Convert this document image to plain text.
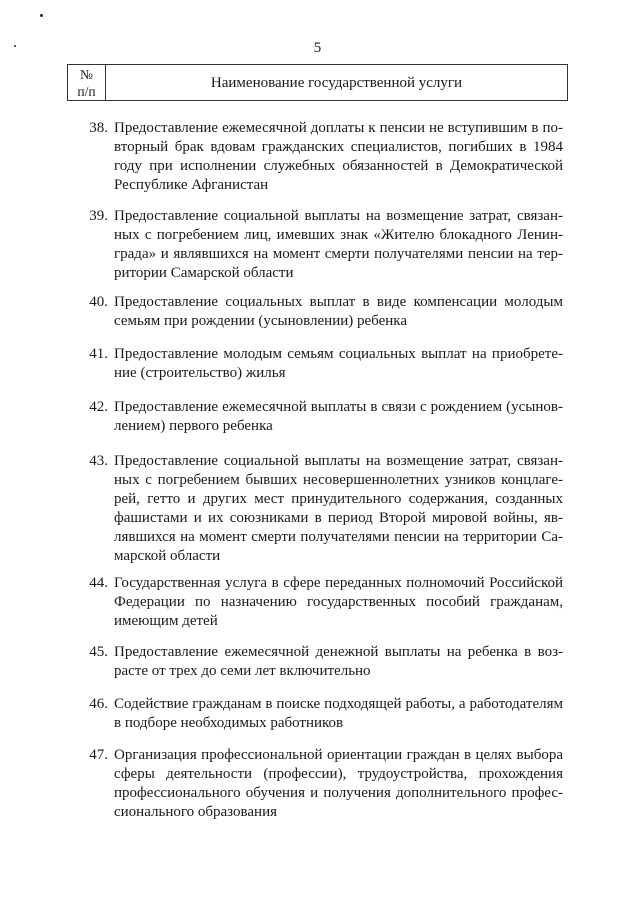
5
№
п/п
Наименование государственной услуги
38. Предоставление ежемесячной доплаты к пенсии не вступившим в повторный брак вдовам гражданских специалистов, погибших в 1984 году при исполнении служебных обязанностей в Демократической Республике Афганистан
39. Предоставление социальной выплаты на возмещение затрат, связанных с погребением лиц, имевших знак «Жителю блокадного Ленинграда» и являвшихся на момент смерти получателями пенсии на территории Самарской области
40. Предоставление социальных выплат в виде компенсации молодым семьям при рождении (усыновлении) ребенка
41. Предоставление молодым семьям социальных выплат на приобретение (строительство) жилья
42. Предоставление ежемесячной выплаты в связи с рождением (усыновлением) первого ребенка
43. Предоставление социальной выплаты на возмещение затрат, связанных с погребением бывших несовершеннолетних узников концлагерей, гетто и других мест принудительного содержания, созданных фашистами и их союзниками в период Второй мировой войны, являвшихся на момент смерти получателями пенсии на территории Самарской области
44. Государственная услуга в сфере переданных полномочий Российской Федерации по назначению государственных пособий гражданам, имеющим детей
45. Предоставление ежемесячной денежной выплаты на ребенка в возрасте от трех до семи лет включительно
46. Содействие гражданам в поиске подходящей работы, а работодателям в подборе необходимых работников
47. Организация профессиональной ориентации граждан в целях выбора сферы деятельности (профессии), трудоустройства, прохождения профессионального обучения и получения дополнительного профессионального образования
